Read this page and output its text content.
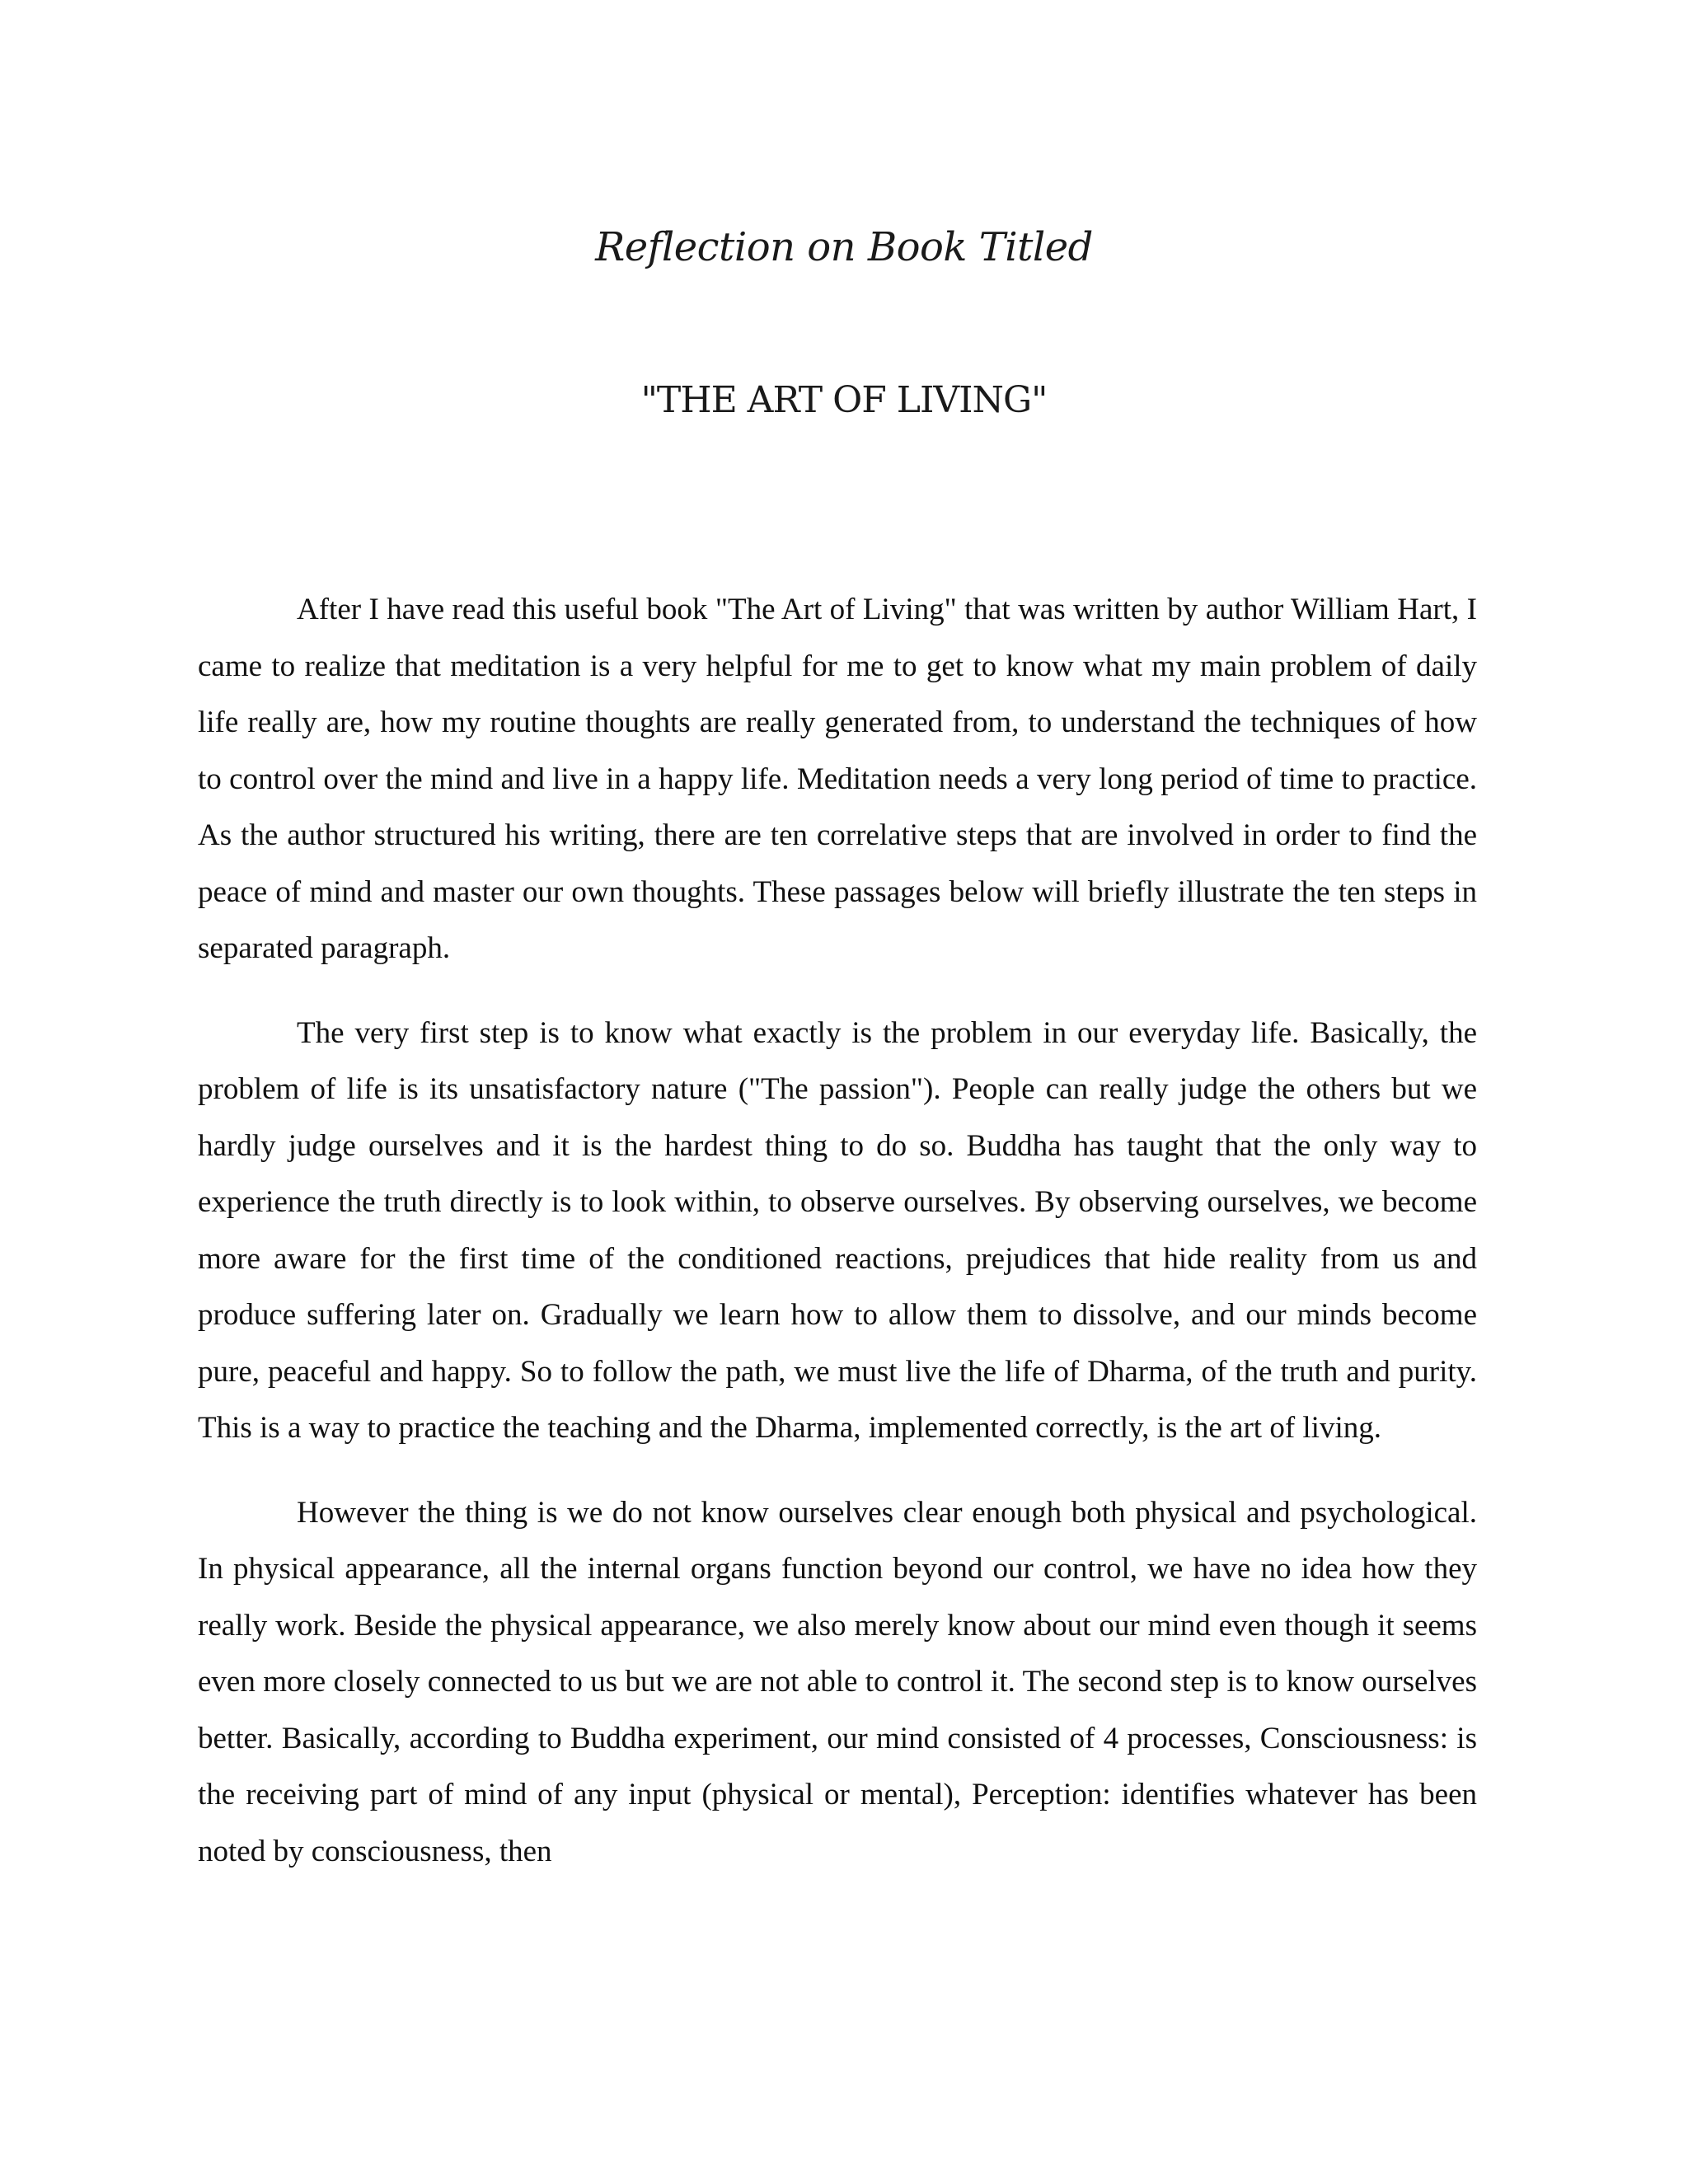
Reflection on Book Titled
"THE ART OF LIVING"

After I have read this useful book "The Art of Living" that was written by author William Hart, I came to realize that meditation is a very helpful for me to get to know what my main problem of daily life really are, how my routine thoughts are really generated from, to understand the techniques of how to control over the mind and live in a happy life. Meditation needs a very long period of time to practice. As the author structured his writing, there are ten correlative steps that are involved in order to find the peace of mind and master our own thoughts. These passages below will briefly illustrate the ten steps in separated paragraph.

The very first step is to know what exactly is the problem in our everyday life. Basically, the problem of life is its unsatisfactory nature ("The passion"). People can really judge the others but we hardly judge ourselves and it is the hardest thing to do so. Buddha has taught that the only way to experience the truth directly is to look within, to observe ourselves. By observing ourselves, we become more aware for the first time of the conditioned reactions, prejudices that hide reality from us and produce suffering later on. Gradually we learn how to allow them to dissolve, and our minds become pure, peaceful and happy. So to follow the path, we must live the life of Dharma, of the truth and purity. This is a way to practice the teaching and the Dharma, implemented correctly, is the art of living.

However the thing is we do not know ourselves clear enough both physical and psychological. In physical appearance, all the internal organs function beyond our control, we have no idea how they really work. Beside the physical appearance, we also merely know about our mind even though it seems even more closely connected to us but we are not able to control it. The second step is to know ourselves better. Basically, according to Buddha experiment, our mind consisted of 4 processes, Consciousness: is the receiving part of mind of any input (physical or mental), Perception: identifies whatever has been noted by consciousness, then
